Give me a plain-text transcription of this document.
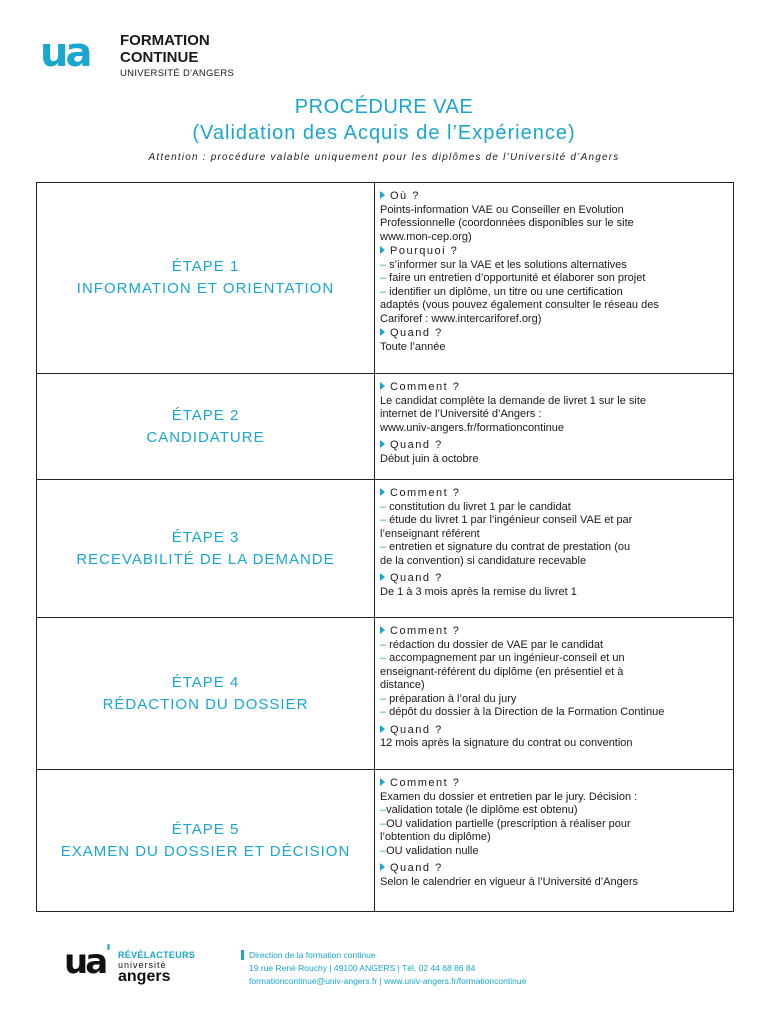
ua FORMATION
CONTINUE
UNIVERSITÉ D'ANGERS
PROCÉDURE VAE
(Validation des Acquis de l’Expérience)
Attention : procédure valable uniquement pour les diplômes de l’Université d’Angers
ÉTAPE 1
INFORMATION ET ORIENTATION
Où ?
Points-information VAE ou Conseiller en Evolution
Professionnelle (coordonnées disponibles sur le site
www.mon-cep.org)
Pourquoi ?
– s’informer sur la VAE et les solutions alternatives
– faire un entretien d’opportunité et élaborer son projet
– identifier un diplôme, un titre ou une certification
adaptés (vous pouvez également consulter le réseau des
Cariforef : www.intercariforef.org)
Quand ?
Toute l’année
ÉTAPE 2
CANDIDATURE
Comment ?
Le candidat complète la demande de livret 1 sur le site
internet de l’Université d’Angers :
www.univ-angers.fr/formationcontinue
Quand ?
Début juin à octobre
ÉTAPE 3
RECEVABILITÉ DE LA DEMANDE
Comment ?
– constitution du livret 1 par le candidat
– étude du livret 1 par l’ingénieur conseil VAE et par
l’enseignant référent
– entretien et signature du contrat de prestation (ou
de la convention) si candidature recevable
Quand ?
De 1 à 3 mois après la remise du livret 1
ÉTAPE 4
RÉDACTION DU DOSSIER
Comment ?
– rédaction du dossier de VAE par le candidat
– accompagnement par un ingénieur-conseil et un
enseignant-référent du diplôme (en présentiel et à
distance)
– préparation à l’oral du jury
– dépôt du dossier à la Direction de la Formation Continue
Quand ?
12 mois après la signature du contrat ou convention
ÉTAPE 5
EXAMEN DU DOSSIER ET DÉCISION
Comment ?
Examen du dossier et entretien par le jury. Décision :
–validation totale (le diplôme est obtenu)
–OU validation partielle (prescription à réaliser pour
l’obtention du diplôme)
–OU validation nulle
Quand ?
Selon le calendrier en vigueur à l’Université d’Angers
$ua^ˈ$ RÉVÉLACTEURS
université
angers
Direction de la formation continue
19 rue René Rouchy | 49100 ANGERS | Tél. 02 44 68 86 84
formationcontinue@univ-angers.fr | www.univ-angers.fr/formationcontinue
